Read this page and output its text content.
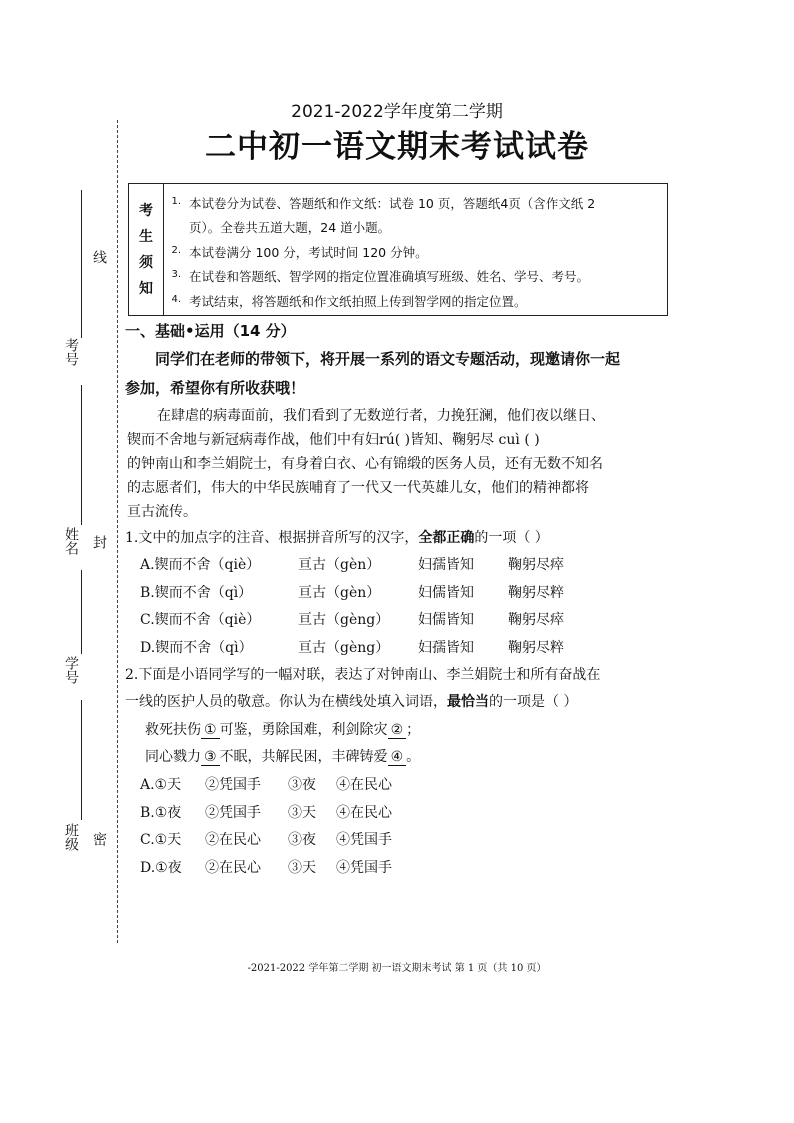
2021-2022学年度第二学期
二中初一语文期末考试试卷
线
封
密
考号
姓名
学号
班级
考
生
须
知
1. 本试卷分为试卷、答题纸和作文纸：试卷 10 页，答题纸4页（含作文纸 2
页）。全卷共五道大题，24 道小题。
2. 本试卷满分 100 分，考试时间 120 分钟。
3. 在试卷和答题纸、智学网的指定位置准确填写班级、姓名、学号、考号。
4. 考试结束，将答题纸和作文纸拍照上传到智学网的指定位置。
一、基础•运用（14 分）
同学们在老师的带领下，将开展一系列的语文专题活动，现邀请你一起
参加，希望你有所收获哦！
在肆虐的病毒面前，我们看到了无数逆行者，力挽狂澜，他们夜以继日、
锲而不舍地与新冠病毒作战，他们中有妇rú( )皆知、鞠躬尽 cuì ( )
的钟南山和李兰娟院士，有身着白衣、心有锦缎的医务人员，还有无数不知名
的志愿者们，伟大的中华民族哺育了一代又一代英雄儿女，他们的精神都将
亘古流传。
1.文中的加点字的注音、根据拼音所写的汉字，全都正确的一项（ ）
A.锲而不舍（qiè）	亘古（gèn）	妇孺皆知 鞠躬尽瘁
B.锲而不舍（qì）	亘古（gèn）	妇儒皆知 鞠躬尽粹
C.锲而不舍（qiè）	亘古（gèng） 妇儒皆知 鞠躬尽瘁
D.锲而不舍（qì）	亘古（gèng） 妇孺皆知 鞠躬尽粹
2.下面是小语同学写的一幅对联，表达了对钟南山、李兰娟院士和所有奋战在
一线的医护人员的敬意。你认为在横线处填入词语，最恰当的一项是（ ）
救死扶伤 ① 可鉴，勇除国难，利剑除灾 ② ；
同心戮力 ③ 不眠，共解民困，丰碑铸爱 ④ 。
A.①天 ②凭国手 ③夜 ④在民心
B.①夜 ②凭国手 ③天 ④在民心
C.①天 ②在民心 ③夜 ④凭国手
D.①夜 ②在民心 ③天 ④凭国手
-2021-2022 学年第二学期 初一语文期末考试 第 1 页（共 10 页）
